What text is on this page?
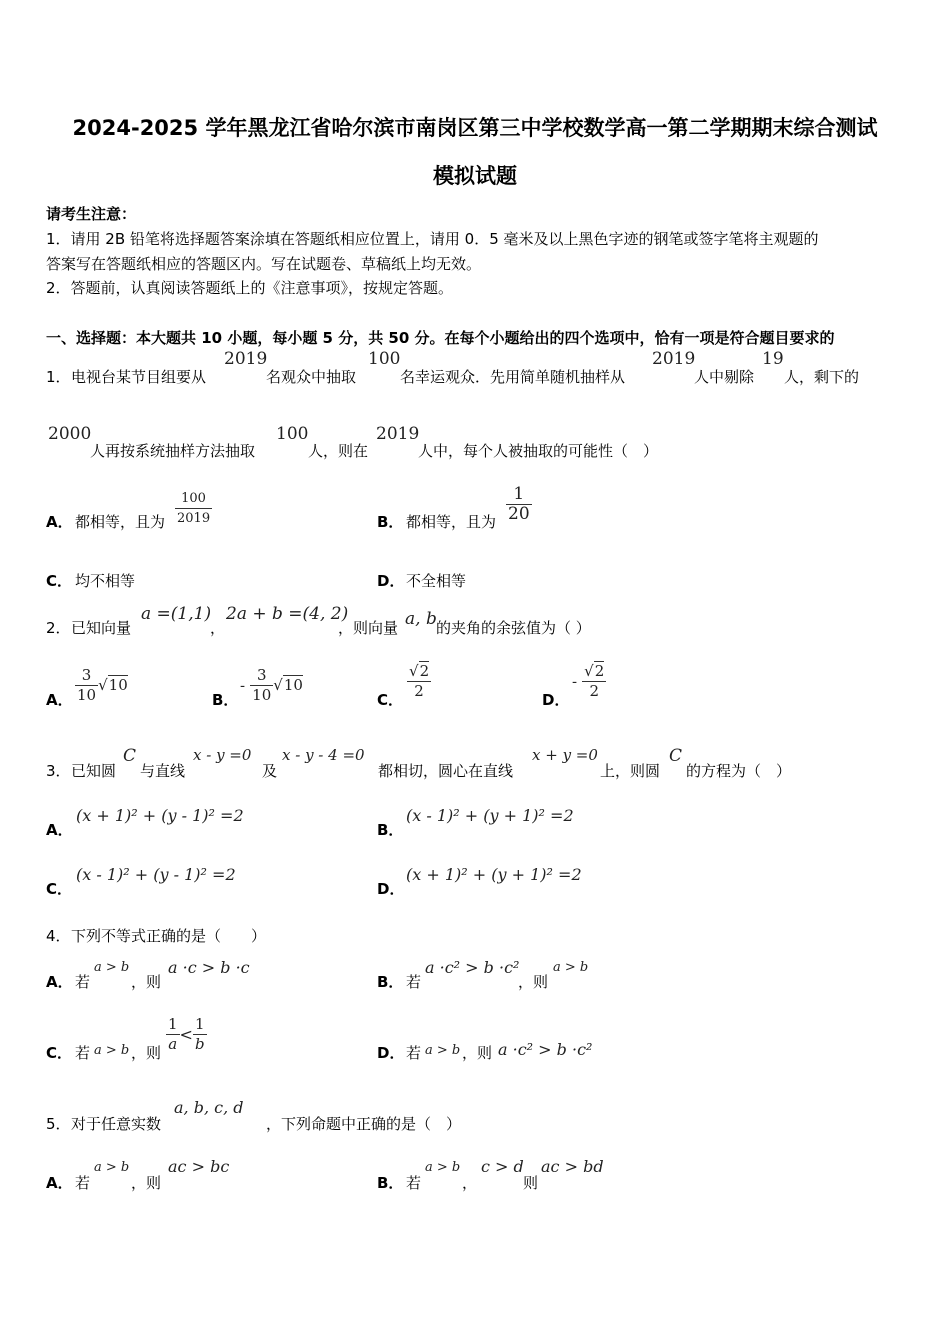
2024-2025 学年黑龙江省哈尔滨市南岗区第三中学校数学高一第二学期期末综合测试
模拟试题
请考生注意：
1．请用 2B 铅笔将选择题答案涂填在答题纸相应位置上，请用 0．5 毫米及以上黑色字迹的钢笔或签字笔将主观题的
答案写在答题纸相应的答题区内。写在试题卷、草稿纸上均无效。
2．答题前，认真阅读答题纸上的《注意事项》，按规定答题。
一、选择题：本大题共 10 小题，每小题 5 分，共 50 分。在每个小题给出的四个选项中，恰有一项是符合题目要求的
1． 电视台某节目组要从
2019
名观众中抽取
100
名幸运观众．先用简单随机抽样从
2019
人中剔除
19
人，剩下的
2000
人再按系统抽样方法抽取
100
人，则在
2019
人中，每个人被抽取的可能性（　）
A． 都相等，且为 $\frac{100}{2019}$	B． 都相等，且为 $\frac{1}{20}$
C． 均不相等	D． 不全相等
2． 已知向量
a =(1,1)
，
2a + b =(4, 2)
，则向量 a, b 的夹角的余弦值为（ ）
A． $\frac{3}{10} √10$
B．
- $\frac{3}{10} √10$
C． $\frac{√2}{2}$	D．
- $\frac{√2}{2}$
3． 已知圆
C
与直线
x - y =0
及
x - y - 4 =0
都相切，圆心在直线
x + y =0
上，则圆
C
的方程为（　）
A．
(x + 1)² + (y - 1)² =2
B．
(x - 1)² + (y + 1)² =2
C．
(x - 1)² + (y - 1)² =2
D．
(x + 1)² + (y + 1)² =2
4． 下列不等式正确的是（　　）
A． 若
a > b
，则
a ·c > b ·c
B． 若
a ·c² > b ·c²
，则
a > b
C． 若 a > b ，则 $\frac{1}{a} < \frac{1}{b}$	D． 若 a > b ，则 a ·c² > b ·c²
5． 对于任意实数
a, b, c, d
，下列命题中正确的是（　）
A． 若
a > b
，则
ac > bc
B． 若
a > b
，
c > d
则
ac > bd
